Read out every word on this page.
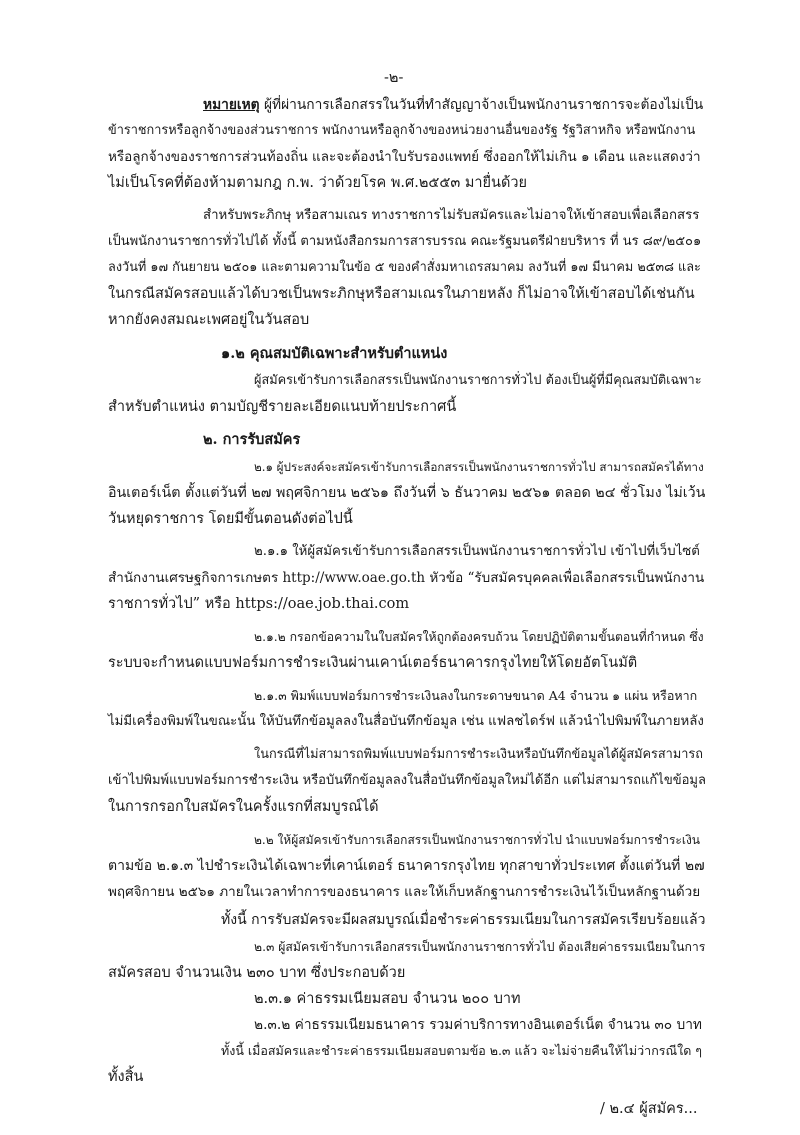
-๒-
หมายเหตุ ผู้ที่ผ่านการเลือกสรรในวันที่ทำสัญญาจ้างเป็นพนักงานราชการจะต้องไม่เป็น
ข้าราชการหรือลูกจ้างของส่วนราชการ พนักงานหรือลูกจ้างของหน่วยงานอื่นของรัฐ รัฐวิสาหกิจ หรือพนักงาน
หรือลูกจ้างของราชการส่วนท้องถิ่น และจะต้องนำใบรับรองแพทย์ ซึ่งออกให้ไม่เกิน ๑ เดือน และแสดงว่า
ไม่เป็นโรคที่ต้องห้ามตามกฎ ก.พ. ว่าด้วยโรค พ.ศ.๒๕๕๓ มายื่นด้วย
สำหรับพระภิกษุ หรือสามเณร ทางราชการไม่รับสมัครและไม่อาจให้เข้าสอบเพื่อเลือกสรร
เป็นพนักงานราชการทั่วไปได้ ทั้งนี้ ตามหนังสือกรมการสารบรรณ คณะรัฐมนตรีฝ่ายบริหาร ที่ นร ๘๙/๒๕๐๑
ลงวันที่ ๑๗ กันยายน ๒๕๐๑ และตามความในข้อ ๕ ของคำสั่งมหาเถรสมาคม ลงวันที่ ๑๗ มีนาคม ๒๕๓๘ และ
ในกรณีสมัครสอบแล้วได้บวชเป็นพระภิกษุหรือสามเณรในภายหลัง ก็ไม่อาจให้เข้าสอบได้เช่นกัน
หากยังคงสมณะเพศอยู่ในวันสอบ
๑.๒ คุณสมบัติเฉพาะสำหรับตำแหน่ง
ผู้สมัครเข้ารับการเลือกสรรเป็นพนักงานราชการทั่วไป ต้องเป็นผู้ที่มีคุณสมบัติเฉพาะ
สำหรับตำแหน่ง ตามบัญชีรายละเอียดแนบท้ายประกาศนี้
๒. การรับสมัคร
๒.๑ ผู้ประสงค์จะสมัครเข้ารับการเลือกสรรเป็นพนักงานราชการทั่วไป สามารถสมัครได้ทาง
อินเตอร์เน็ต ตั้งแต่วันที่ ๒๗ พฤศจิกายน ๒๕๖๑ ถึงวันที่ ๖ ธันวาคม ๒๕๖๑ ตลอด ๒๔ ชั่วโมง ไม่เว้น
วันหยุดราชการ โดยมีขั้นตอนดังต่อไปนี้
๒.๑.๑ ให้ผู้สมัครเข้ารับการเลือกสรรเป็นพนักงานราชการทั่วไป เข้าไปที่เว็บไซต์
สำนักงานเศรษฐกิจการเกษตร http://www.oae.go.th หัวข้อ “รับสมัครบุคคลเพื่อเลือกสรรเป็นพนักงาน
ราชการทั่วไป” หรือ https://oae.job.thai.com
๒.๑.๒ กรอกข้อความในใบสมัครให้ถูกต้องครบถ้วน โดยปฏิบัติตามขั้นตอนที่กำหนด ซึ่ง
ระบบจะกำหนดแบบฟอร์มการชำระเงินผ่านเคาน์เตอร์ธนาคารกรุงไทยให้โดยอัตโนมัติ
๒.๑.๓ พิมพ์แบบฟอร์มการชำระเงินลงในกระดาษขนาด A4 จำนวน ๑ แผ่น หรือหาก
ไม่มีเครื่องพิมพ์ในขณะนั้น ให้บันทึกข้อมูลลงในสื่อบันทึกข้อมูล เช่น แฟลชไดร์ฟ แล้วนำไปพิมพ์ในภายหลัง
ในกรณีที่ไม่สามารถพิมพ์แบบฟอร์มการชำระเงินหรือบันทึกข้อมูลได้ผู้สมัครสามารถ
เข้าไปพิมพ์แบบฟอร์มการชำระเงิน หรือบันทึกข้อมูลลงในสื่อบันทึกข้อมูลใหม่ได้อีก แต่ไม่สามารถแก้ไขข้อมูล
ในการกรอกใบสมัครในครั้งแรกที่สมบูรณ์ได้
๒.๒ ให้ผู้สมัครเข้ารับการเลือกสรรเป็นพนักงานราชการทั่วไป นำแบบฟอร์มการชำระเงิน
ตามข้อ ๒.๑.๓ ไปชำระเงินได้เฉพาะที่เคาน์เตอร์ ธนาคารกรุงไทย ทุกสาขาทั่วประเทศ ตั้งแต่วันที่ ๒๗
พฤศจิกายน ๒๕๖๑ ภายในเวลาทำการของธนาคาร และให้เก็บหลักฐานการชำระเงินไว้เป็นหลักฐานด้วย
ทั้งนี้ การรับสมัครจะมีผลสมบูรณ์เมื่อชำระค่าธรรมเนียมในการสมัครเรียบร้อยแล้ว
๒.๓ ผู้สมัครเข้ารับการเลือกสรรเป็นพนักงานราชการทั่วไป ต้องเสียค่าธรรมเนียมในการ
สมัครสอบ จำนวนเงิน ๒๓๐ บาท ซึ่งประกอบด้วย
๒.๓.๑ ค่าธรรมเนียมสอบ จำนวน ๒๐๐ บาท
๒.๓.๒ ค่าธรรมเนียมธนาคาร รวมค่าบริการทางอินเตอร์เน็ต จำนวน ๓๐ บาท
ทั้งนี้ เมื่อสมัครและชำระค่าธรรมเนียมสอบตามข้อ ๒.๓ แล้ว จะไม่จ่ายคืนให้ไม่ว่ากรณีใด ๆ
ทั้งสิ้น
/ ๒.๔ ผู้สมัคร...
